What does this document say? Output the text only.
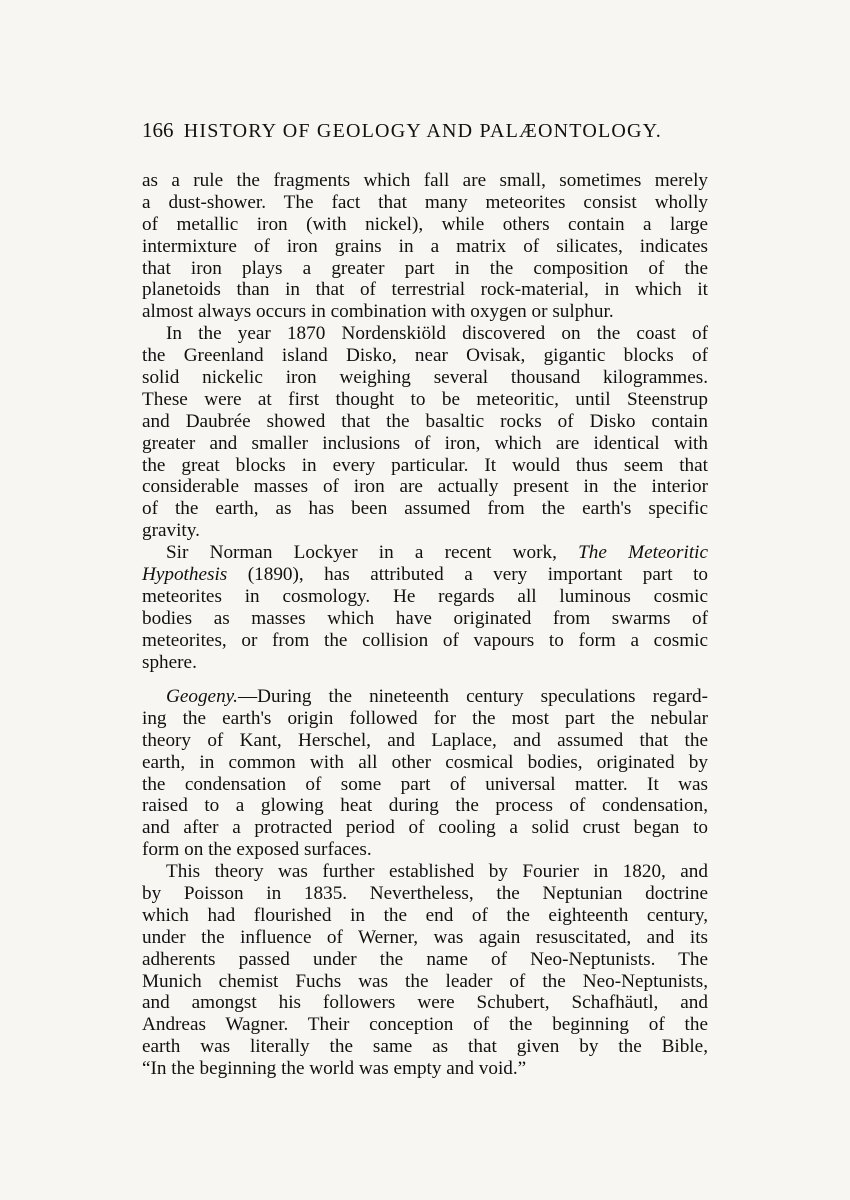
166 HISTORY OF GEOLOGY AND PALÆONTOLOGY.
as a rule the fragments which fall are small, sometimes merely
a dust-shower. The fact that many meteorites consist wholly
of metallic iron (with nickel), while others contain a large
intermixture of iron grains in a matrix of silicates, indicates
that iron plays a greater part in the composition of the
planetoids than in that of terrestrial rock-material, in which it
almost always occurs in combination with oxygen or sulphur.
In the year 1870 Nordenskiöld discovered on the coast of
the Greenland island Disko, near Ovisak, gigantic blocks of
solid nickelic iron weighing several thousand kilogrammes.
These were at first thought to be meteoritic, until Steenstrup
and Daubrée showed that the basaltic rocks of Disko contain
greater and smaller inclusions of iron, which are identical with
the great blocks in every particular. It would thus seem that
considerable masses of iron are actually present in the interior
of the earth, as has been assumed from the earth's specific
gravity.
Sir Norman Lockyer in a recent work, The Meteoritic
Hypothesis (1890), has attributed a very important part to
meteorites in cosmology. He regards all luminous cosmic
bodies as masses which have originated from swarms of
meteorites, or from the collision of vapours to form a cosmic
sphere.
Geogeny.—During the nineteenth century speculations regard-
ing the earth's origin followed for the most part the nebular
theory of Kant, Herschel, and Laplace, and assumed that the
earth, in common with all other cosmical bodies, originated by
the condensation of some part of universal matter. It was
raised to a glowing heat during the process of condensation,
and after a protracted period of cooling a solid crust began to
form on the exposed surfaces.
This theory was further established by Fourier in 1820, and
by Poisson in 1835. Nevertheless, the Neptunian doctrine
which had flourished in the end of the eighteenth century,
under the influence of Werner, was again resuscitated, and its
adherents passed under the name of Neo-Neptunists. The
Munich chemist Fuchs was the leader of the Neo-Neptunists,
and amongst his followers were Schubert, Schafhäutl, and
Andreas Wagner. Their conception of the beginning of the
earth was literally the same as that given by the Bible,
“In the beginning the world was empty and void.”
